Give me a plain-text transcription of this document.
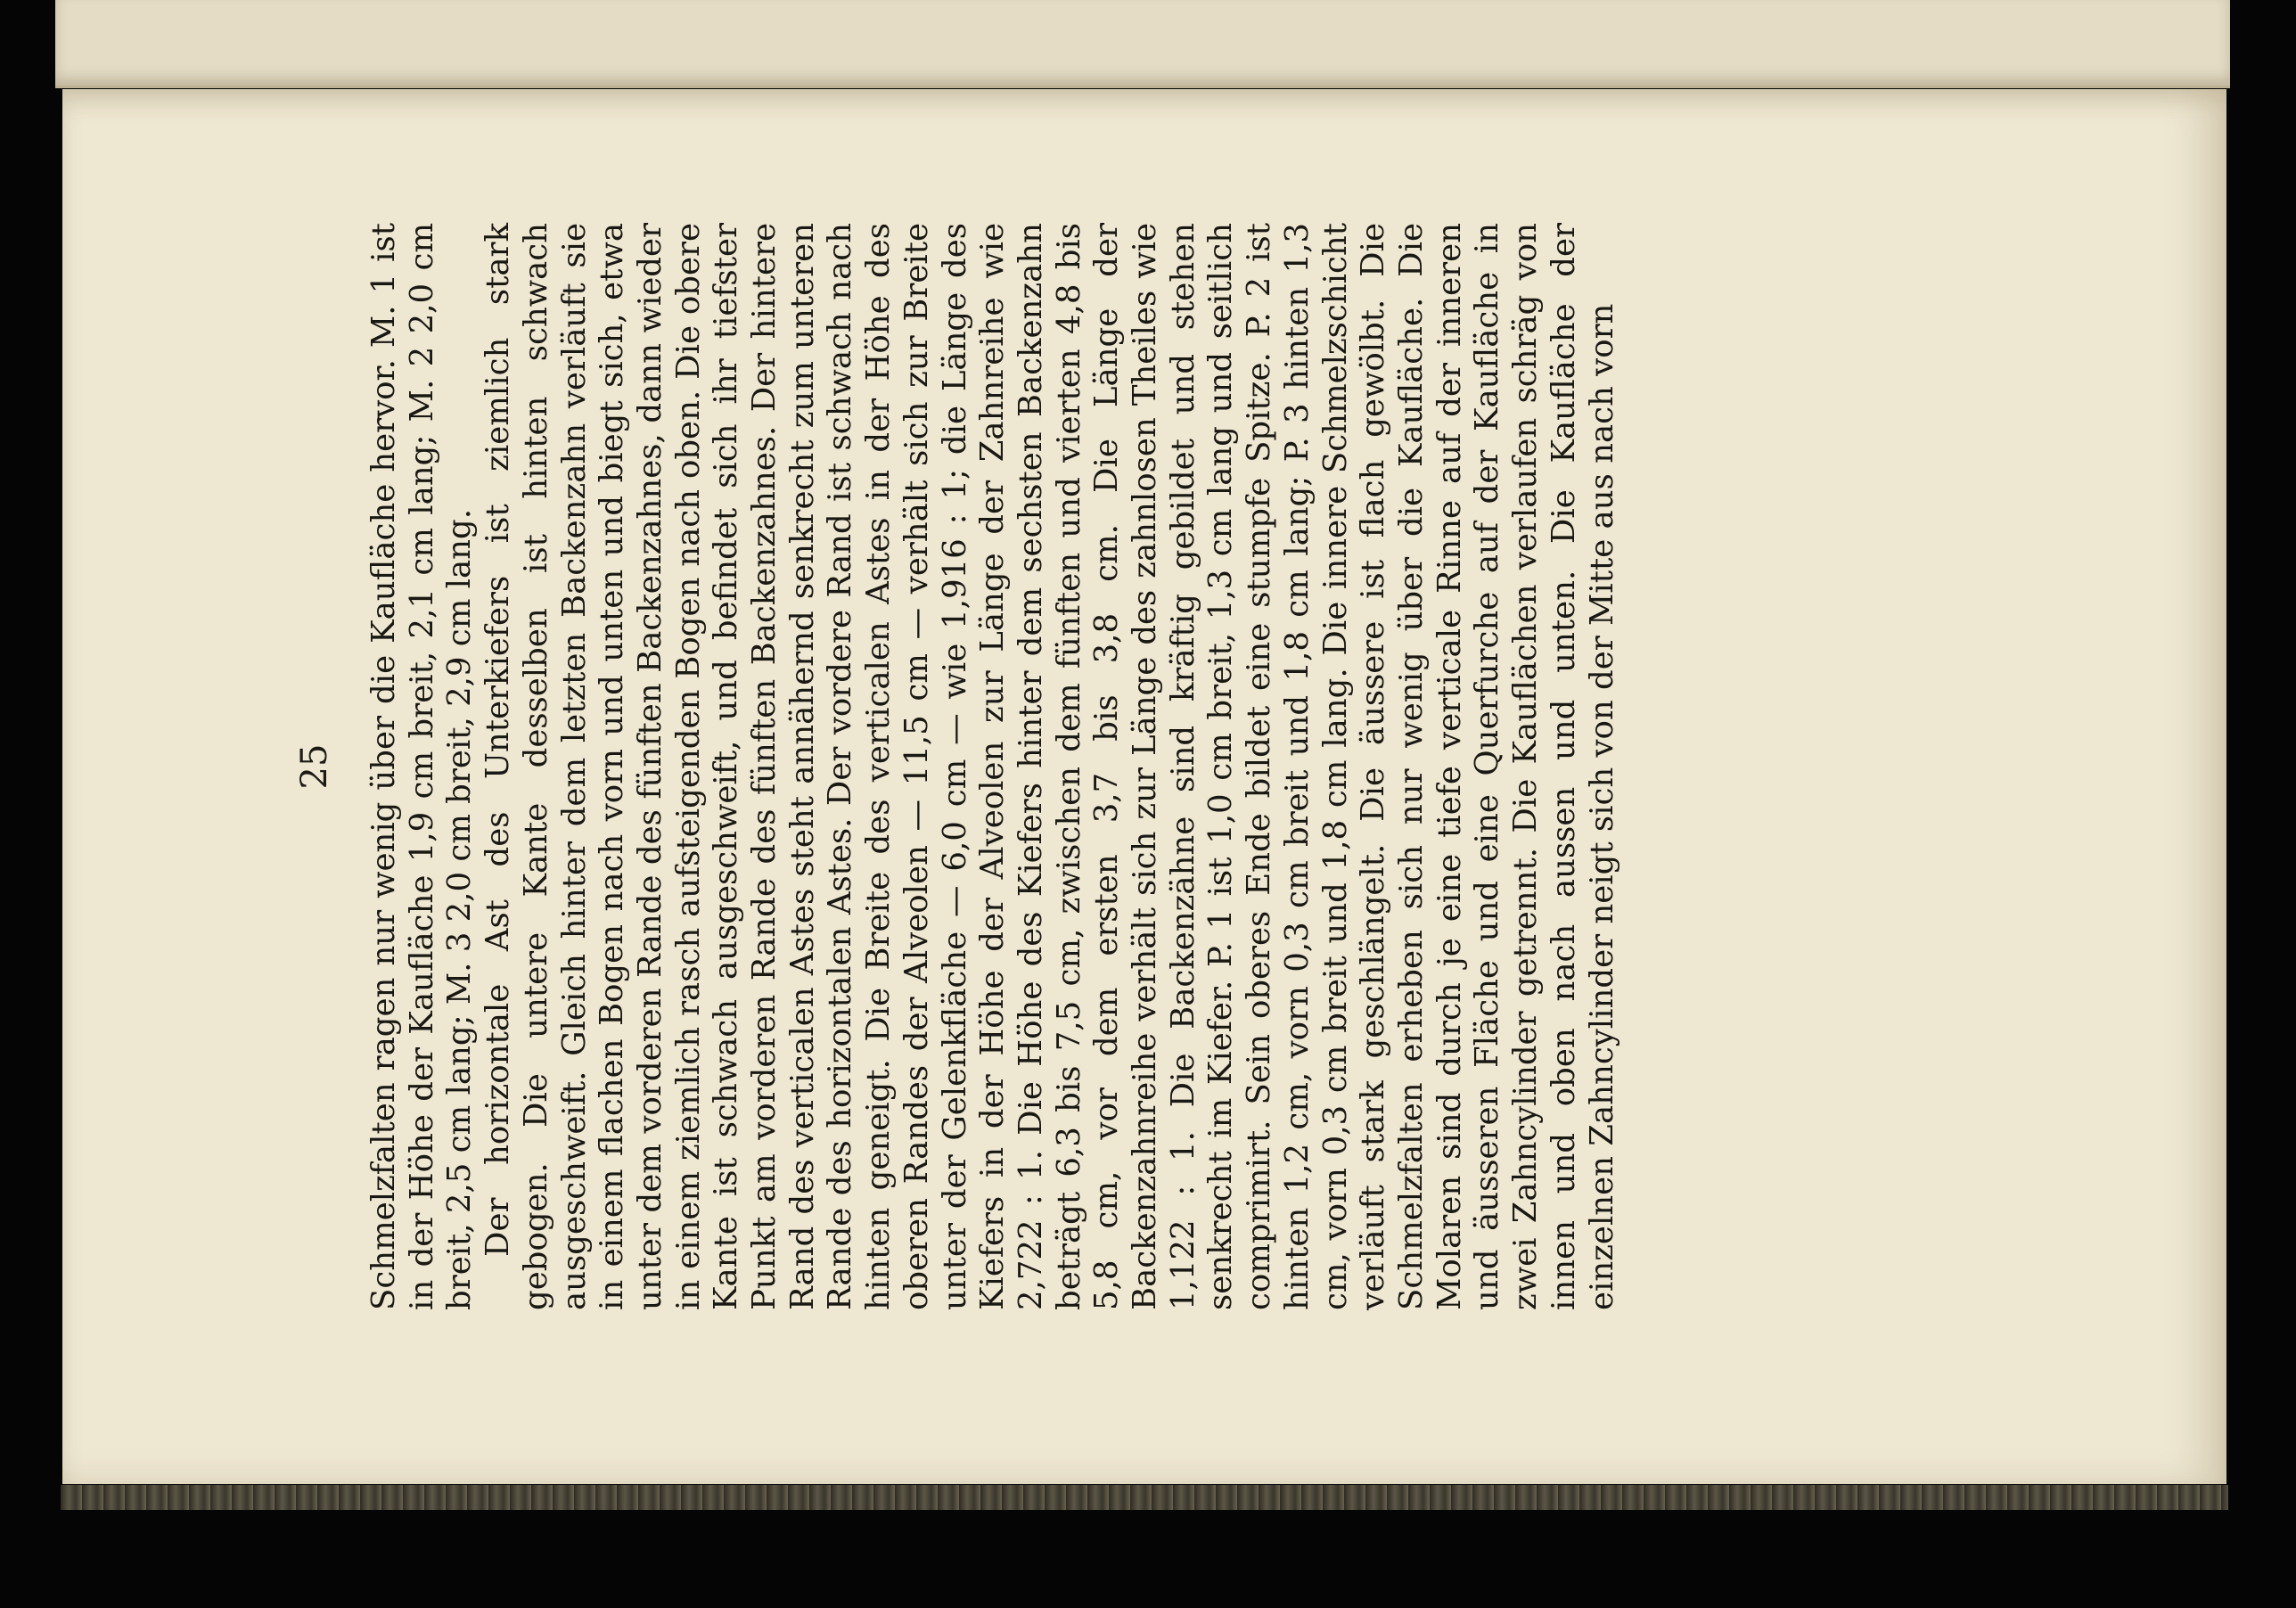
25 Schmelzfalten ragen nur wenig über die Kaufläche hervor. M. 1 ist in der Höhe der Kaufläche 1,9 cm breit, 2,1 cm lang; M. 2 2,0 cm breit, 2,5 cm lang; M. 3 2,0 cm breit, 2,9 cm lang. Der horizontale Ast des Unterkiefers ist ziemlich stark gebogen. Die untere Kante desselben ist hinten schwach ausgeschweift. Gleich hinter dem letzten Backenzahn verläuft sie in einem flachen Bogen nach vorn und unten und biegt sich, etwa unter dem vorderen Rande des fünften Backenzahnes, dann wieder in einem ziemlich rasch aufsteigenden Bogen nach oben. Die obere Kante ist schwach ausgeschweift, und befindet sich ihr tiefster Punkt am vorderen Rande des fünften Backenzahnes. Der hintere Rand des verticalen Astes steht annähernd senkrecht zum unteren Rande des horizontalen Astes. Der vordere Rand ist schwach nach hinten geneigt. Die Breite des verticalen Astes in der Höhe des oberen Randes der Alveolen — 11,5 cm — verhält sich zur Breite unter der Gelenkfläche — 6,0 cm — wie 1,916 : 1; die Länge des Kiefers in der Höhe der Alveolen zur Länge der Zahnreihe wie 2,722 : 1. Die Höhe des Kiefers hinter dem sechsten Backenzahn beträgt 6,3 bis 7,5 cm, zwischen dem fünften und vierten 4,8 bis 5,8 cm, vor dem ersten 3,7 bis 3,8 cm. Die Länge der Backenzahnreihe verhält sich zur Länge des zahnlosen Theiles wie 1,122 : 1. Die Backenzähne sind kräftig gebildet und stehen senkrecht im Kiefer. P. 1 ist 1,0 cm breit, 1,3 cm lang und seitlich comprimirt. Sein oberes Ende bildet eine stumpfe Spitze. P. 2 ist hinten 1,2 cm, vorn 0,3 cm breit und 1,8 cm lang; P. 3 hinten 1,3 cm, vorn 0,3 cm breit und 1,8 cm lang. Die innere Schmelzschicht verläuft stark geschlängelt. Die äussere ist flach gewölbt. Die Schmelzfalten erheben sich nur wenig über die Kaufläche. Die Molaren sind durch je eine tiefe verticale Rinne auf der inneren und äusseren Fläche und eine Querfurche auf der Kaufläche in zwei Zahncylinder getrennt. Die Kauflächen verlaufen schräg von innen und oben nach aussen und unten. Die Kaufläche der einzelnen Zahncylinder neigt sich von der Mitte aus nach vorn
